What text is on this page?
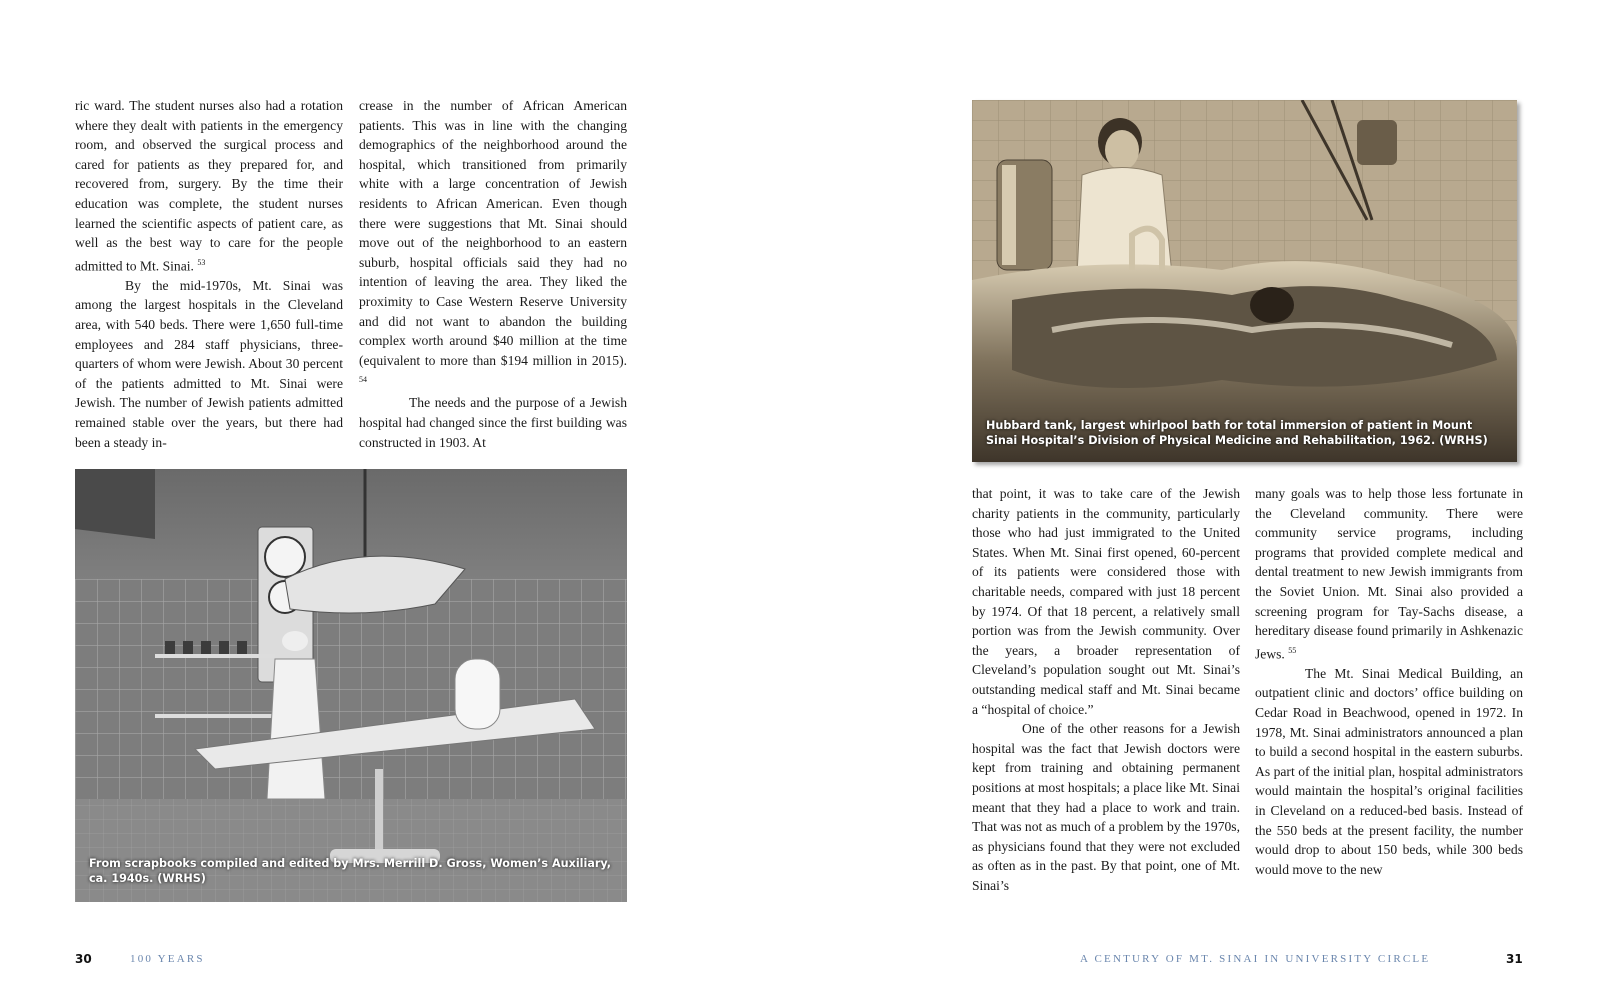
ric ward. The student nurses also had a rotation where they dealt with patients in the emergency room, and observed the surgical process and cared for patients as they prepared for, and recovered from, surgery. By the time their education was complete, the student nurses learned the scientific aspects of patient care, as well as the best way to care for the people admitted to Mt. Sinai. $^{53}$

By the mid-1970s, Mt. Sinai was among the largest hospitals in the Cleveland area, with 540 beds. There were 1,650 full-time employees and 284 staff physicians, three-quarters of whom were Jewish. About 30 percent of the patients admitted to Mt. Sinai were Jewish. The number of Jewish patients admitted remained stable over the years, but there had been a steady in-

crease in the number of African American patients. This was in line with the changing demographics of the neighborhood around the hospital, which transitioned from primarily white with a large concentration of Jewish residents to African American. Even though there were suggestions that Mt. Sinai should move out of the neighborhood to an eastern suburb, hospital officials said they had no intention of leaving the area. They liked the proximity to Case Western Reserve University and did not want to abandon the building complex worth around $40 million at the time (equivalent to more than $194 million in 2015). $^{54}$

The needs and the purpose of a Jewish hospital had changed since the first building was constructed in 1903. At

From scrapbooks compiled and edited by Mrs. Merrill D. Gross, Women’s Auxiliary, ca. 1940s. (WRHS)
Hubbard tank, largest whirlpool bath for total immersion of patient in Mount Sinai Hospital’s Division of Physical Medicine and Rehabilitation, 1962. (WRHS)

that point, it was to take care of the Jewish charity patients in the community, particularly those who had just immigrated to the United States. When Mt. Sinai first opened, 60-percent of its patients were considered those with charitable needs, compared with just 18 percent by 1974. Of that 18 percent, a relatively small portion was from the Jewish community. Over the years, a broader representation of Cleveland’s population sought out Mt. Sinai’s outstanding medical staff and Mt. Sinai became a “hospital of choice.”

One of the other reasons for a Jewish hospital was the fact that Jewish doctors were kept from training and obtaining permanent positions at most hospitals; a place like Mt. Sinai meant that they had a place to work and train. That was not as much of a problem by the 1970s, as physicians found that they were not excluded as often as in the past. By that point, one of Mt. Sinai’s

many goals was to help those less fortunate in the Cleveland community. There were community service programs, including programs that provided complete medical and dental treatment to new Jewish immigrants from the Soviet Union. Mt. Sinai also provided a screening program for Tay-Sachs disease, a hereditary disease found primarily in Ashkenazic Jews. $^{55}$

The Mt. Sinai Medical Building, an outpatient clinic and doctors’ office building on Cedar Road in Beachwood, opened in 1972. In 1978, Mt. Sinai administrators announced a plan to build a second hospital in the eastern suburbs. As part of the initial plan, hospital administrators would maintain the hospital’s original facilities in Cleveland on a reduced-bed basis. Instead of the 550 beds at the present facility, the number would drop to about 150 beds, while 300 beds would move to the new

30	100 YEARS	A CENTURY OF MT. SINAI IN UNIVERSITY CIRCLE	31
